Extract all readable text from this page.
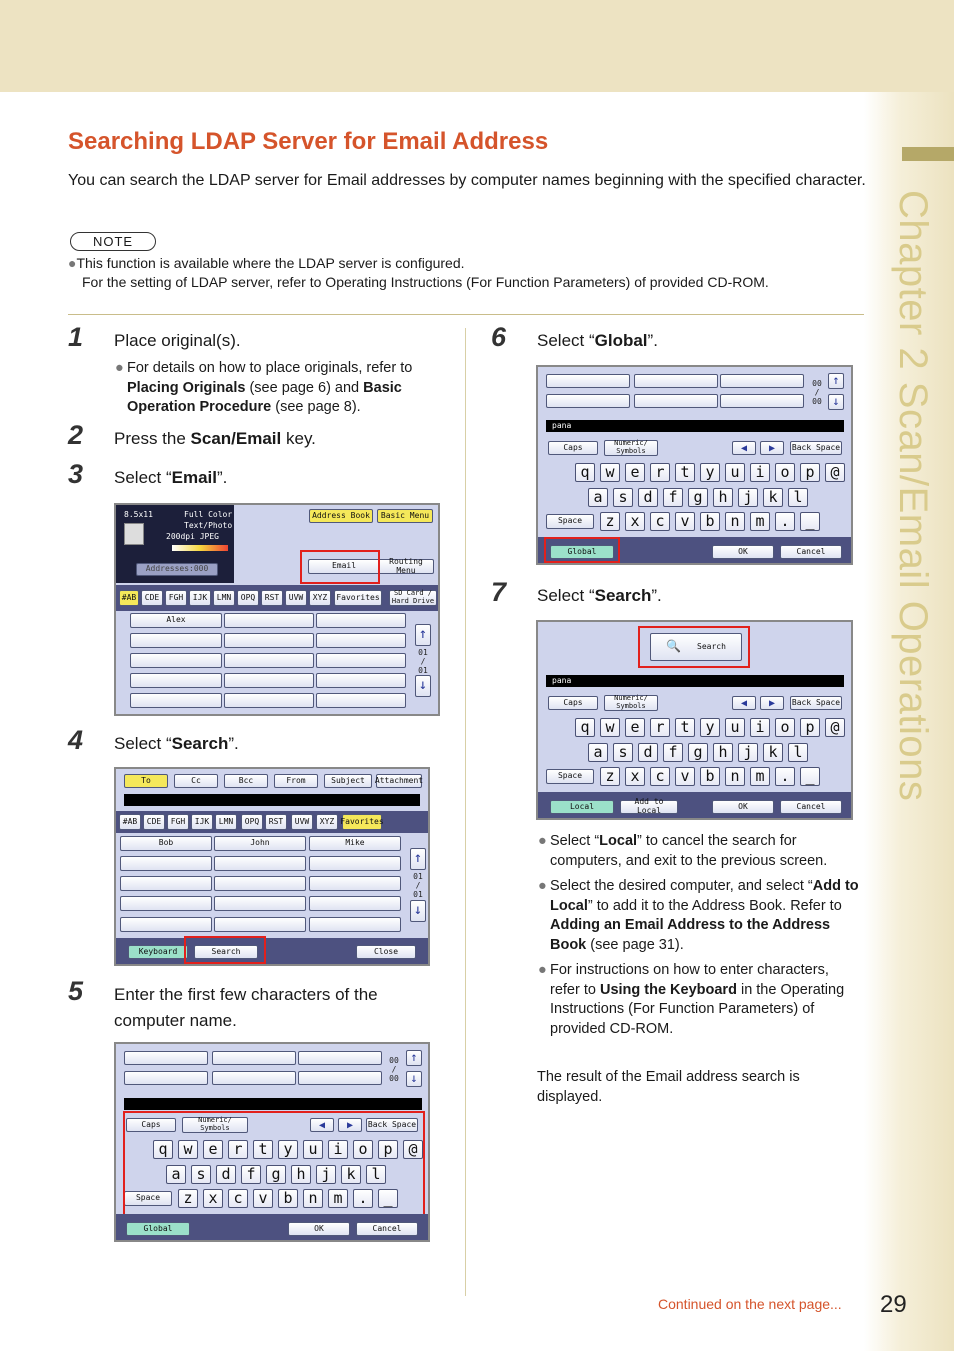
Chapter 2 Scan/Email Operations
Searching LDAP Server for Email Address
You can search the LDAP server for Email addresses by computer names beginning with the specified character.
NOTE
●This function is available where the LDAP server is configured.
For the setting of LDAP server, refer to Operating Instructions (For Function Parameters) of provided CD-ROM.
1 Place original(s).
● For details on how to place originals, refer to Placing Originals (see page 6) and Basic Operation Procedure (see page 8).
2 Press the Scan/Email key.
3 Select “Email”.
8.5x11	Full Color
Text/Photo
200dpi JPEG
Addresses:000
Address Book	Basic Menu
Email	Routing Menu
#AB	CDE	FGH	IJK	LMN	OPQ	RST	UVW	XYZ	Favorites	SD Card / Hard Drive
Alex
↑
01
/
01
↓
4 Select “Search”.
To	Cc	Bcc	From	Subject	Attachment
#AB	CDE	FGH	IJK	LMN	OPQ	RST	UVW	XYZ Favorites
Bob	John	Mike
↑
01
/
01
↓
Keyboard	Search	Close
5 Enter the first few characters of the
computer name.
00
/
00
↑
↓
Caps	Numeric/ Symbols	◀	▶	Back Space
q	w	e	r	t	y	u	i	o	p	@
a	s	d	f	g	h	j	k	l
Space	z	x	c	v	b	n	m	.	_
Global	OK	Cancel
6 Select “Global”.
00
/
00
↑
↓
pana
Caps	Numeric/ Symbols	◀	▶	Back Space
q	w	e	r	t	y	u	i	o	p	@
a	s	d	f	g	h	j	k	l
Space	z	x	c	v	b	n	m	.	_
Global	OK	Cancel
7 Select “Search”.
🔍 Search
pana
Caps	Numeric/ Symbols	◀	▶	Back Space
q	w	e	r	t	y	u	i	o	p	@
a	s	d	f	g	h	j	k	l
Space	z	x	c	v	b	n	m	.	_
Local	Add to Local	OK	Cancel
● Select “Local” to cancel the search for computers, and exit to the previous screen.
● Select the desired computer, and select “Add to Local” to add it to the Address Book. Refer to Adding an Email Address to the Address Book (see page 31).
● For instructions on how to enter characters, refer to Using the Keyboard in the Operating Instructions (For Function Parameters) of provided CD-ROM.
The result of the Email address search is displayed.
Continued on the next page... 29
